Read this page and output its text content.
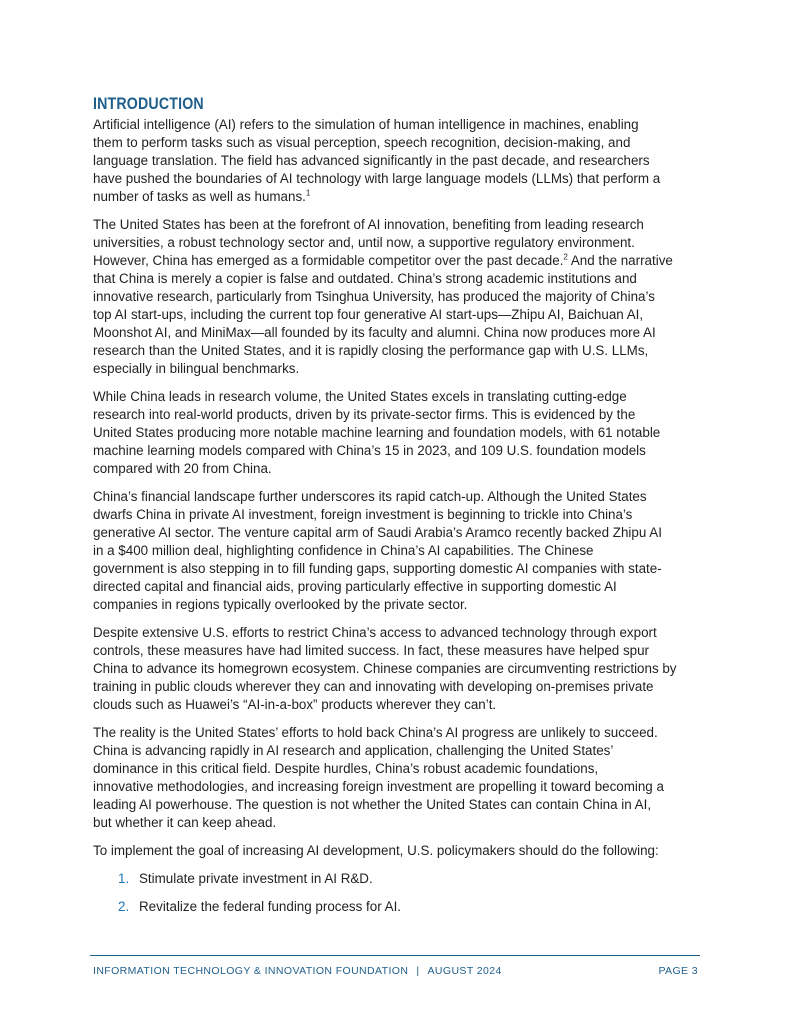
INTRODUCTION

Artificial intelligence (AI) refers to the simulation of human intelligence in machines, enabling
them to perform tasks such as visual perception, speech recognition, decision-making, and
language translation. The field has advanced significantly in the past decade, and researchers
have pushed the boundaries of AI technology with large language models (LLMs) that perform a
number of tasks as well as humans.$^1$

The United States has been at the forefront of AI innovation, benefiting from leading research
universities, a robust technology sector and, until now, a supportive regulatory environment.
However, China has emerged as a formidable competitor over the past decade.$^2$ And the narrative
that China is merely a copier is false and outdated. China’s strong academic institutions and
innovative research, particularly from Tsinghua University, has produced the majority of China’s
top AI start-ups, including the current top four generative AI start-ups—Zhipu AI, Baichuan AI,
Moonshot AI, and MiniMax—all founded by its faculty and alumni. China now produces more AI
research than the United States, and it is rapidly closing the performance gap with U.S. LLMs,
especially in bilingual benchmarks.

While China leads in research volume, the United States excels in translating cutting-edge
research into real-world products, driven by its private-sector firms. This is evidenced by the
United States producing more notable machine learning and foundation models, with 61 notable
machine learning models compared with China’s 15 in 2023, and 109 U.S. foundation models
compared with 20 from China.

China’s financial landscape further underscores its rapid catch-up. Although the United States
dwarfs China in private AI investment, foreign investment is beginning to trickle into China’s
generative AI sector. The venture capital arm of Saudi Arabia’s Aramco recently backed Zhipu AI
in a $400 million deal, highlighting confidence in China’s AI capabilities. The Chinese
government is also stepping in to fill funding gaps, supporting domestic AI companies with state-
directed capital and financial aids, proving particularly effective in supporting domestic AI
companies in regions typically overlooked by the private sector.

Despite extensive U.S. efforts to restrict China’s access to advanced technology through export
controls, these measures have had limited success. In fact, these measures have helped spur
China to advance its homegrown ecosystem. Chinese companies are circumventing restrictions by
training in public clouds wherever they can and innovating with developing on-premises private
clouds such as Huawei’s “AI-in-a-box” products wherever they can’t.

The reality is the United States’ efforts to hold back China’s AI progress are unlikely to succeed.
China is advancing rapidly in AI research and application, challenging the United States’
dominance in this critical field. Despite hurdles, China’s robust academic foundations,
innovative methodologies, and increasing foreign investment are propelling it toward becoming a
leading AI powerhouse. The question is not whether the United States can contain China in AI,
but whether it can keep ahead.

To implement the goal of increasing AI development, U.S. policymakers should do the following:

1. Stimulate private investment in AI R&D.
2. Revitalize the federal funding process for AI.
INFORMATION TECHNOLOGY & INNOVATION FOUNDATION | AUGUST 2024	PAGE 3
